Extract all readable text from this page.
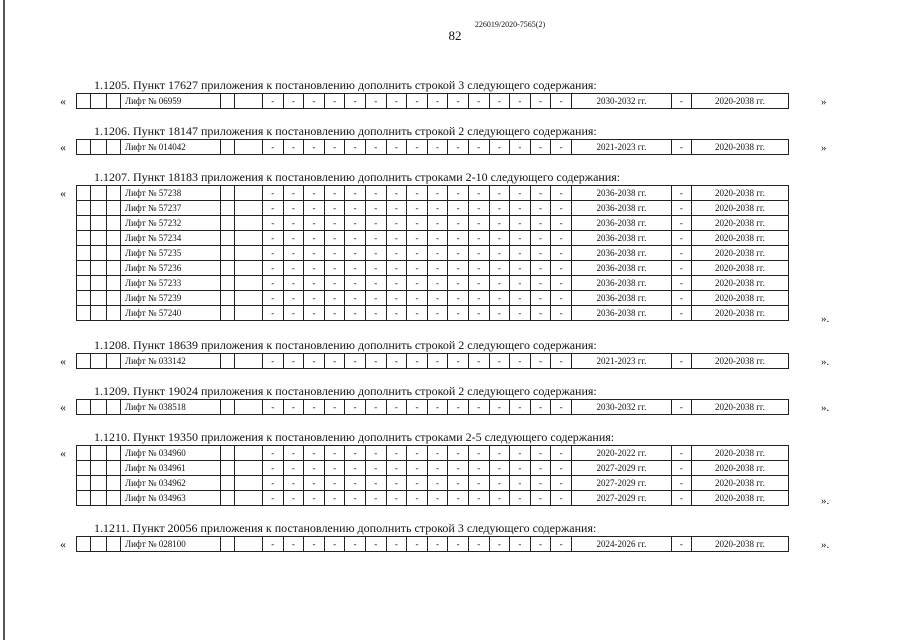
226019/2020-7565(2)
82
1.1205. Пункт 17627 приложения к постановлению дополнить строкой 3 следующего содержания:
«
				Лифт № 06959			-	-	-	-	-	-	-	-	-	-	-	-	-	-	-	2030-2032 гг.	-	2020-2038 гг.	»
1.1206. Пункт 18147 приложения к постановлению дополнить строкой 2 следующего содержания:
«
				Лифт № 014042			-	-	-	-	-	-	-	-	-	-	-	-	-	-	-	2021-2023 гг.	-	2020-2038 гг.	»
1.1207. Пункт 18183 приложения к постановлению дополнить строками 2-10 следующего содержания:
«
				Лифт № 57238			-	-	-	-	-	-	-	-	-	-	-	-	-	-	-	2036-2038 гг.	-	2020-2038 гг.
			Лифт № 57237			-	-	-	-	-	-	-	-	-	-	-	-	-	-	-	2036-2038 гг.	-	2020-2038 гг.
			Лифт № 57232			-	-	-	-	-	-	-	-	-	-	-	-	-	-	-	2036-2038 гг.	-	2020-2038 гг.
			Лифт № 57234			-	-	-	-	-	-	-	-	-	-	-	-	-	-	-	2036-2038 гг.	-	2020-2038 гг.
			Лифт № 57235			-	-	-	-	-	-	-	-	-	-	-	-	-	-	-	2036-2038 гг.	-	2020-2038 гг.
			Лифт № 57236			-	-	-	-	-	-	-	-	-	-	-	-	-	-	-	2036-2038 гг.	-	2020-2038 гг.
			Лифт № 57233			-	-	-	-	-	-	-	-	-	-	-	-	-	-	-	2036-2038 гг.	-	2020-2038 гг.
			Лифт № 57239			-	-	-	-	-	-	-	-	-	-	-	-	-	-	-	2036-2038 гг.	-	2020-2038 гг.
			Лифт № 57240			-	-	-	-	-	-	-	-	-	-	-	-	-	-	-	2036-2038 гг.	-	2020-2038 гг.	».
1.1208. Пункт 18639 приложения к постановлению дополнить строкой 2 следующего содержания:
«
				Лифт № 033142			-	-	-	-	-	-	-	-	-	-	-	-	-	-	-	2021-2023 гг.	-	2020-2038 гг.	».
1.1209. Пункт 19024 приложения к постановлению дополнить строкой 2 следующего содержания:
«
				Лифт № 038518			-	-	-	-	-	-	-	-	-	-	-	-	-	-	-	2030-2032 гг.	-	2020-2038 гг.	».
1.1210. Пункт 19350 приложения к постановлению дополнить строками 2-5 следующего содержания:
«
				Лифт № 034960			-	-	-	-	-	-	-	-	-	-	-	-	-	-	-	2020-2022 гг.	-	2020-2038 гг.
			Лифт № 034961			-	-	-	-	-	-	-	-	-	-	-	-	-	-	-	2027-2029 гг.	-	2020-2038 гг.
			Лифт № 034962			-	-	-	-	-	-	-	-	-	-	-	-	-	-	-	2027-2029 гг.	-	2020-2038 гг.
			Лифт № 034963			-	-	-	-	-	-	-	-	-	-	-	-	-	-	-	2027-2029 гг.	-	2020-2038 гг.	».
1.1211. Пункт 20056 приложения к постановлению дополнить строкой 3 следующего содержания:
«
				Лифт № 028100			-	-	-	-	-	-	-	-	-	-	-	-	-	-	-	2024-2026 гг.	-	2020-2038 гг.	».
